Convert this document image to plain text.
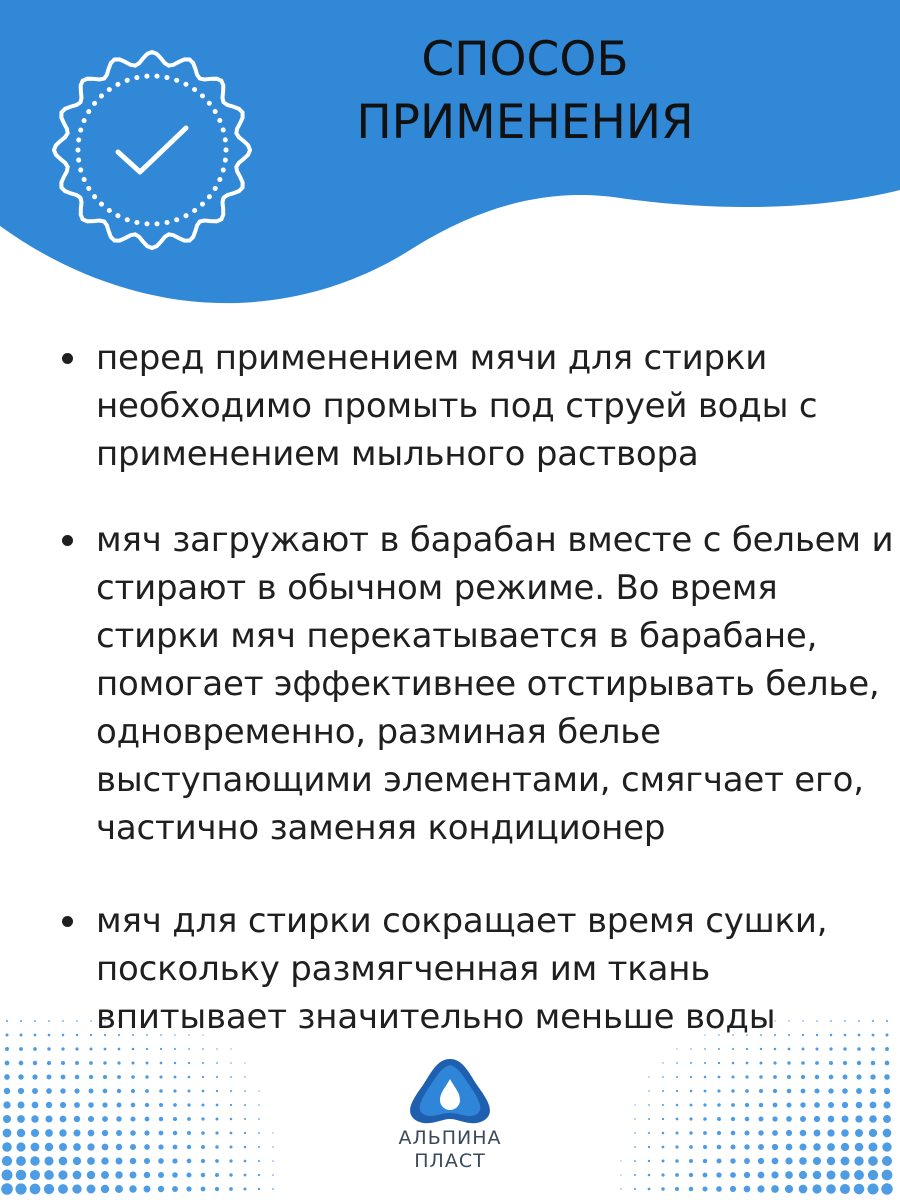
СПОСОБ
ПРИМЕНЕНИЯ
перед применением мячи для стирки необходимо промыть под струей воды с применением мыльного раствора
мяч загружают в барабан вместе с бельем и стирают в обычном режиме. Во время стирки мяч перекатывается в барабане, помогает эффективнее отстирывать белье, одновременно, разминая белье выступающими элементами, смягчает его, частично заменяя кондиционер
мяч для стирки сокращает время сушки, поскольку размягченная им ткань впитывает значительно меньше воды
АЛЬПИНА
ПЛАСТ
